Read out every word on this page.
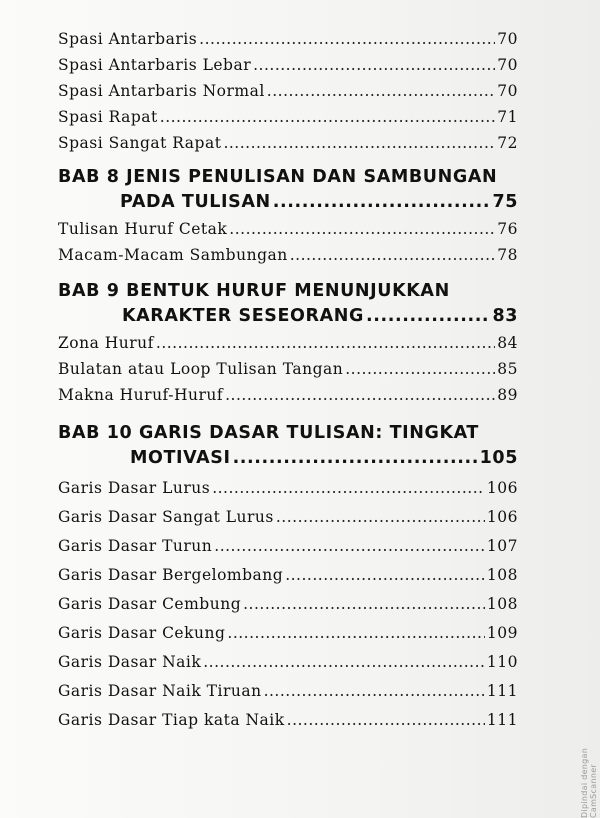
Spasi Antarbaris .....	70
Spasi Antarbaris Lebar .....	70
Spasi Antarbaris Normal .....	70
Spasi Rapat .....	71
Spasi Sangat Rapat .....	72
BAB 8 JENIS PENULISAN DAN SAMBUNGAN
PADA TULISAN .....	75
Tulisan Huruf Cetak .....	76
Macam-Macam Sambungan .....	78
BAB 9 BENTUK HURUF MENUNJUKKAN
KARAKTER SESEORANG .....	83
Zona Huruf .....	84
Bulatan atau Loop Tulisan Tangan .....	85
Makna Huruf-Huruf .....	89
BAB 10 GARIS DASAR TULISAN: TINGKAT
MOTIVASI .....	105
Garis Dasar Lurus .....	106
Garis Dasar Sangat Lurus .....	106
Garis Dasar Turun .....	107
Garis Dasar Bergelombang .....	108
Garis Dasar Cembung .....	108
Garis Dasar Cekung .....	109
Garis Dasar Naik .....	110
Garis Dasar Naik Tiruan .....	111
Garis Dasar Tiap kata Naik .....	111
Dipindai dengan CamScanner
